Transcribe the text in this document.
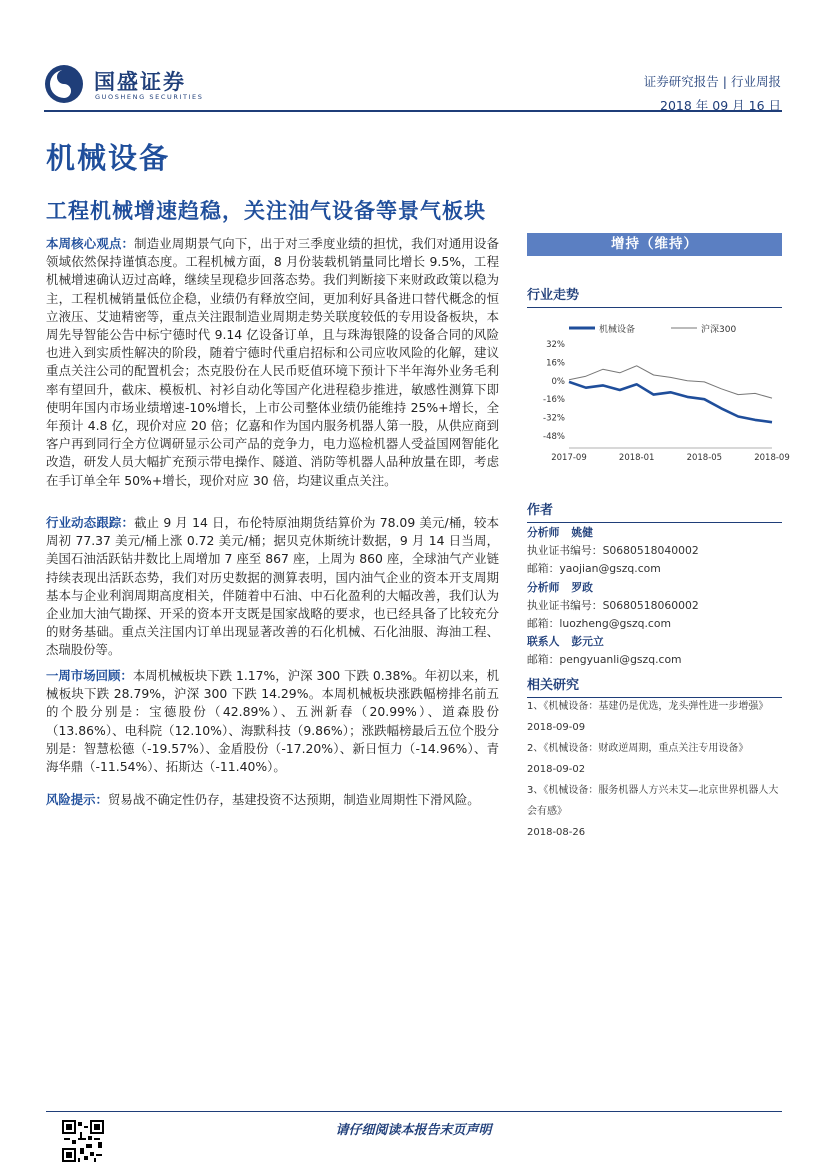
国盛证券
GUOSHENG SECURITIES
证券研究报告 | 行业周报
2018 年 09 月 16 日
机械设备
工程机械增速趋稳，关注油气设备等景气板块
本周核心观点：制造业周期景气向下，出于对三季度业绩的担忧，我们对通用设备领域依然保持谨慎态度。工程机械方面，8 月份装载机销量同比增长 9.5%，工程机械增速确认迈过高峰，继续呈现稳步回落态势。我们判断接下来财政政策以稳为主，工程机械销量低位企稳，业绩仍有释放空间，更加利好具备进口替代概念的恒立液压、艾迪精密等，重点关注跟制造业周期走势关联度较低的专用设备板块，本周先导智能公告中标宁德时代 9.14 亿设备订单，且与珠海银隆的设备合同的风险也进入到实质性解决的阶段，随着宁德时代重启招标和公司应收风险的化解，建议重点关注公司的配置机会；杰克股份在人民币贬值环境下预计下半年海外业务毛利率有望回升，截床、模板机、衬衫自动化等国产化进程稳步推进，敏感性测算下即使明年国内市场业绩增速-10%增长，上市公司整体业绩仍能维持 25%+增长，全年预计 4.8 亿，现价对应 20 倍；亿嘉和作为国内服务机器人第一股，从供应商到客户再到同行全方位调研显示公司产品的竞争力，电力巡检机器人受益国网智能化改造，研发人员大幅扩充预示带电操作、隧道、消防等机器人品种放量在即，考虑在手订单全年 50%+增长，现价对应 30 倍，均建议重点关注。
行业动态跟踪：截止 9 月 14 日，布伦特原油期货结算价为 78.09 美元/桶，较本周初 77.37 美元/桶上涨 0.72 美元/桶；据贝克休斯统计数据，9 月 14 日当周，美国石油活跃钻井数比上周增加 7 座至 867 座，上周为 860 座，全球油气产业链持续表现出活跃态势，我们对历史数据的测算表明，国内油气企业的资本开支周期基本与企业利润周期高度相关，伴随着中石油、中石化盈利的大幅改善，我们认为企业加大油气勘探、开采的资本开支既是国家战略的要求，也已经具备了比较充分的财务基础。重点关注国内订单出现显著改善的石化机械、石化油服、海油工程、杰瑞股份等。
一周市场回顾：本周机械板块下跌 1.17%，沪深 300 下跌 0.38%。年初以来，机械板块下跌 28.79%，沪深 300 下跌 14.29%。本周机械板块涨跌幅榜排名前五的个股分别是：宝德股份（42.89%）、五洲新春（20.99%）、道森股份（13.86%）、电科院（12.10%）、海默科技（9.86%）；涨跌幅榜最后五位个股分别是：智慧松德（-19.57%）、金盾股份（-17.20%）、新日恒力（-14.96%）、青海华鼎（-11.54%）、拓斯达（-11.40%）。
风险提示：贸易战不确定性仍存，基建投资不达预期，制造业周期性下滑风险。
增持（维持）
行业走势
机械设备	沪深300
32%
16%
0%
-16%
-32%
-48%
2017-09	2018-01	2018-05	2018-09
作者
分析师 姚健
执业证书编号：S0680518040002
邮箱：yaojian@gszq.com
分析师 罗政
执业证书编号：S0680518060002
邮箱：luozheng@gszq.com
联系人 彭元立
邮箱：pengyuanli@gszq.com
相关研究
1、《机械设备：基建仍是优选，龙头弹性进一步增强》
2018-09-09
2、《机械设备：财政逆周期，重点关注专用设备》
2018-09-02
3、《机械设备：服务机器人方兴未艾—北京世界机器人大会有感》
2018-08-26
请仔细阅读本报告末页声明
